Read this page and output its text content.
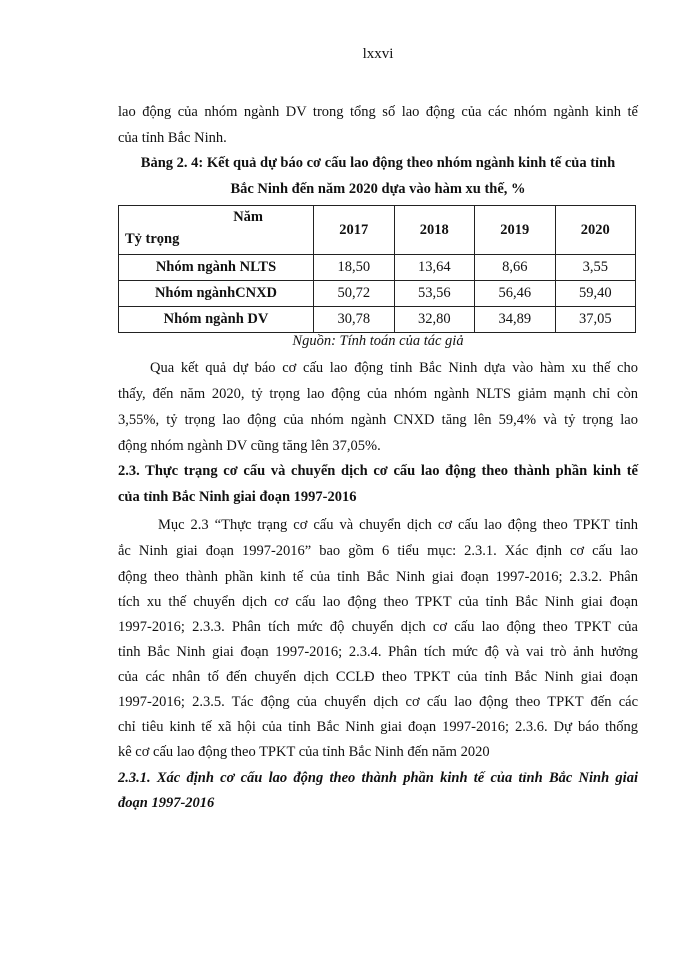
lxxvi
lao động của nhóm ngành DV trong tổng số lao động của các nhóm ngành kinh tế
của tỉnh Bắc Ninh.
Bảng 2. 4: Kết quả dự báo cơ cấu lao động theo nhóm ngành kinh tế của tỉnh
Bắc Ninh đến năm 2020 dựa vào hàm xu thế, %
Năm
Tỷ trọng	2017	2018	2019	2020
Nhóm ngành NLTS	18,50	13,64	8,66	3,55
Nhóm ngànhCNXD	50,72	53,56	56,46	59,40
Nhóm ngành DV	30,78	32,80	34,89	37,05
Nguồn: Tính toán của tác giả
Qua kết quả dự báo cơ cấu lao động tỉnh Bắc Ninh dựa vào hàm xu thế cho
thấy, đến năm 2020, tỷ trọng lao động của nhóm ngành NLTS giảm mạnh chỉ còn
3,55%, tỷ trọng lao động của nhóm ngành CNXD tăng lên 59,4% và tỷ trọng lao
động nhóm ngành DV cũng tăng lên 37,05%.
2.3. Thực trạng cơ cấu và chuyển dịch cơ cấu lao động theo thành phần kinh tế
của tỉnh Bắc Ninh giai đoạn 1997-2016
Mục 2.3 “Thực trạng cơ cấu và chuyển dịch cơ cấu lao động theo TPKT tỉnh
ắc Ninh giai đoạn 1997-2016” bao gồm 6 tiểu mục: 2.3.1. Xác định cơ cấu lao
động theo thành phần kinh tế của tỉnh Bắc Ninh giai đoạn 1997-2016; 2.3.2. Phân
tích xu thế chuyển dịch cơ cấu lao động theo TPKT của tỉnh Bắc Ninh giai đoạn
1997-2016; 2.3.3. Phân tích mức độ chuyển dịch cơ cấu lao động theo TPKT của
tỉnh Bắc Ninh giai đoạn 1997-2016; 2.3.4. Phân tích mức độ và vai trò ảnh hưởng
của các nhân tố đến chuyển dịch CCLĐ theo TPKT của tỉnh Bắc Ninh giai đoạn
1997-2016; 2.3.5. Tác động của chuyển dịch cơ cấu lao động theo TPKT đến các
chỉ tiêu kinh tế xã hội của tỉnh Bắc Ninh giai đoạn 1997-2016; 2.3.6. Dự báo thống
kê cơ cấu lao động theo TPKT của tỉnh Bắc Ninh đến năm 2020
2.3.1. Xác định cơ cấu lao động theo thành phần kinh tế của tỉnh Bắc Ninh giai
đoạn 1997-2016
